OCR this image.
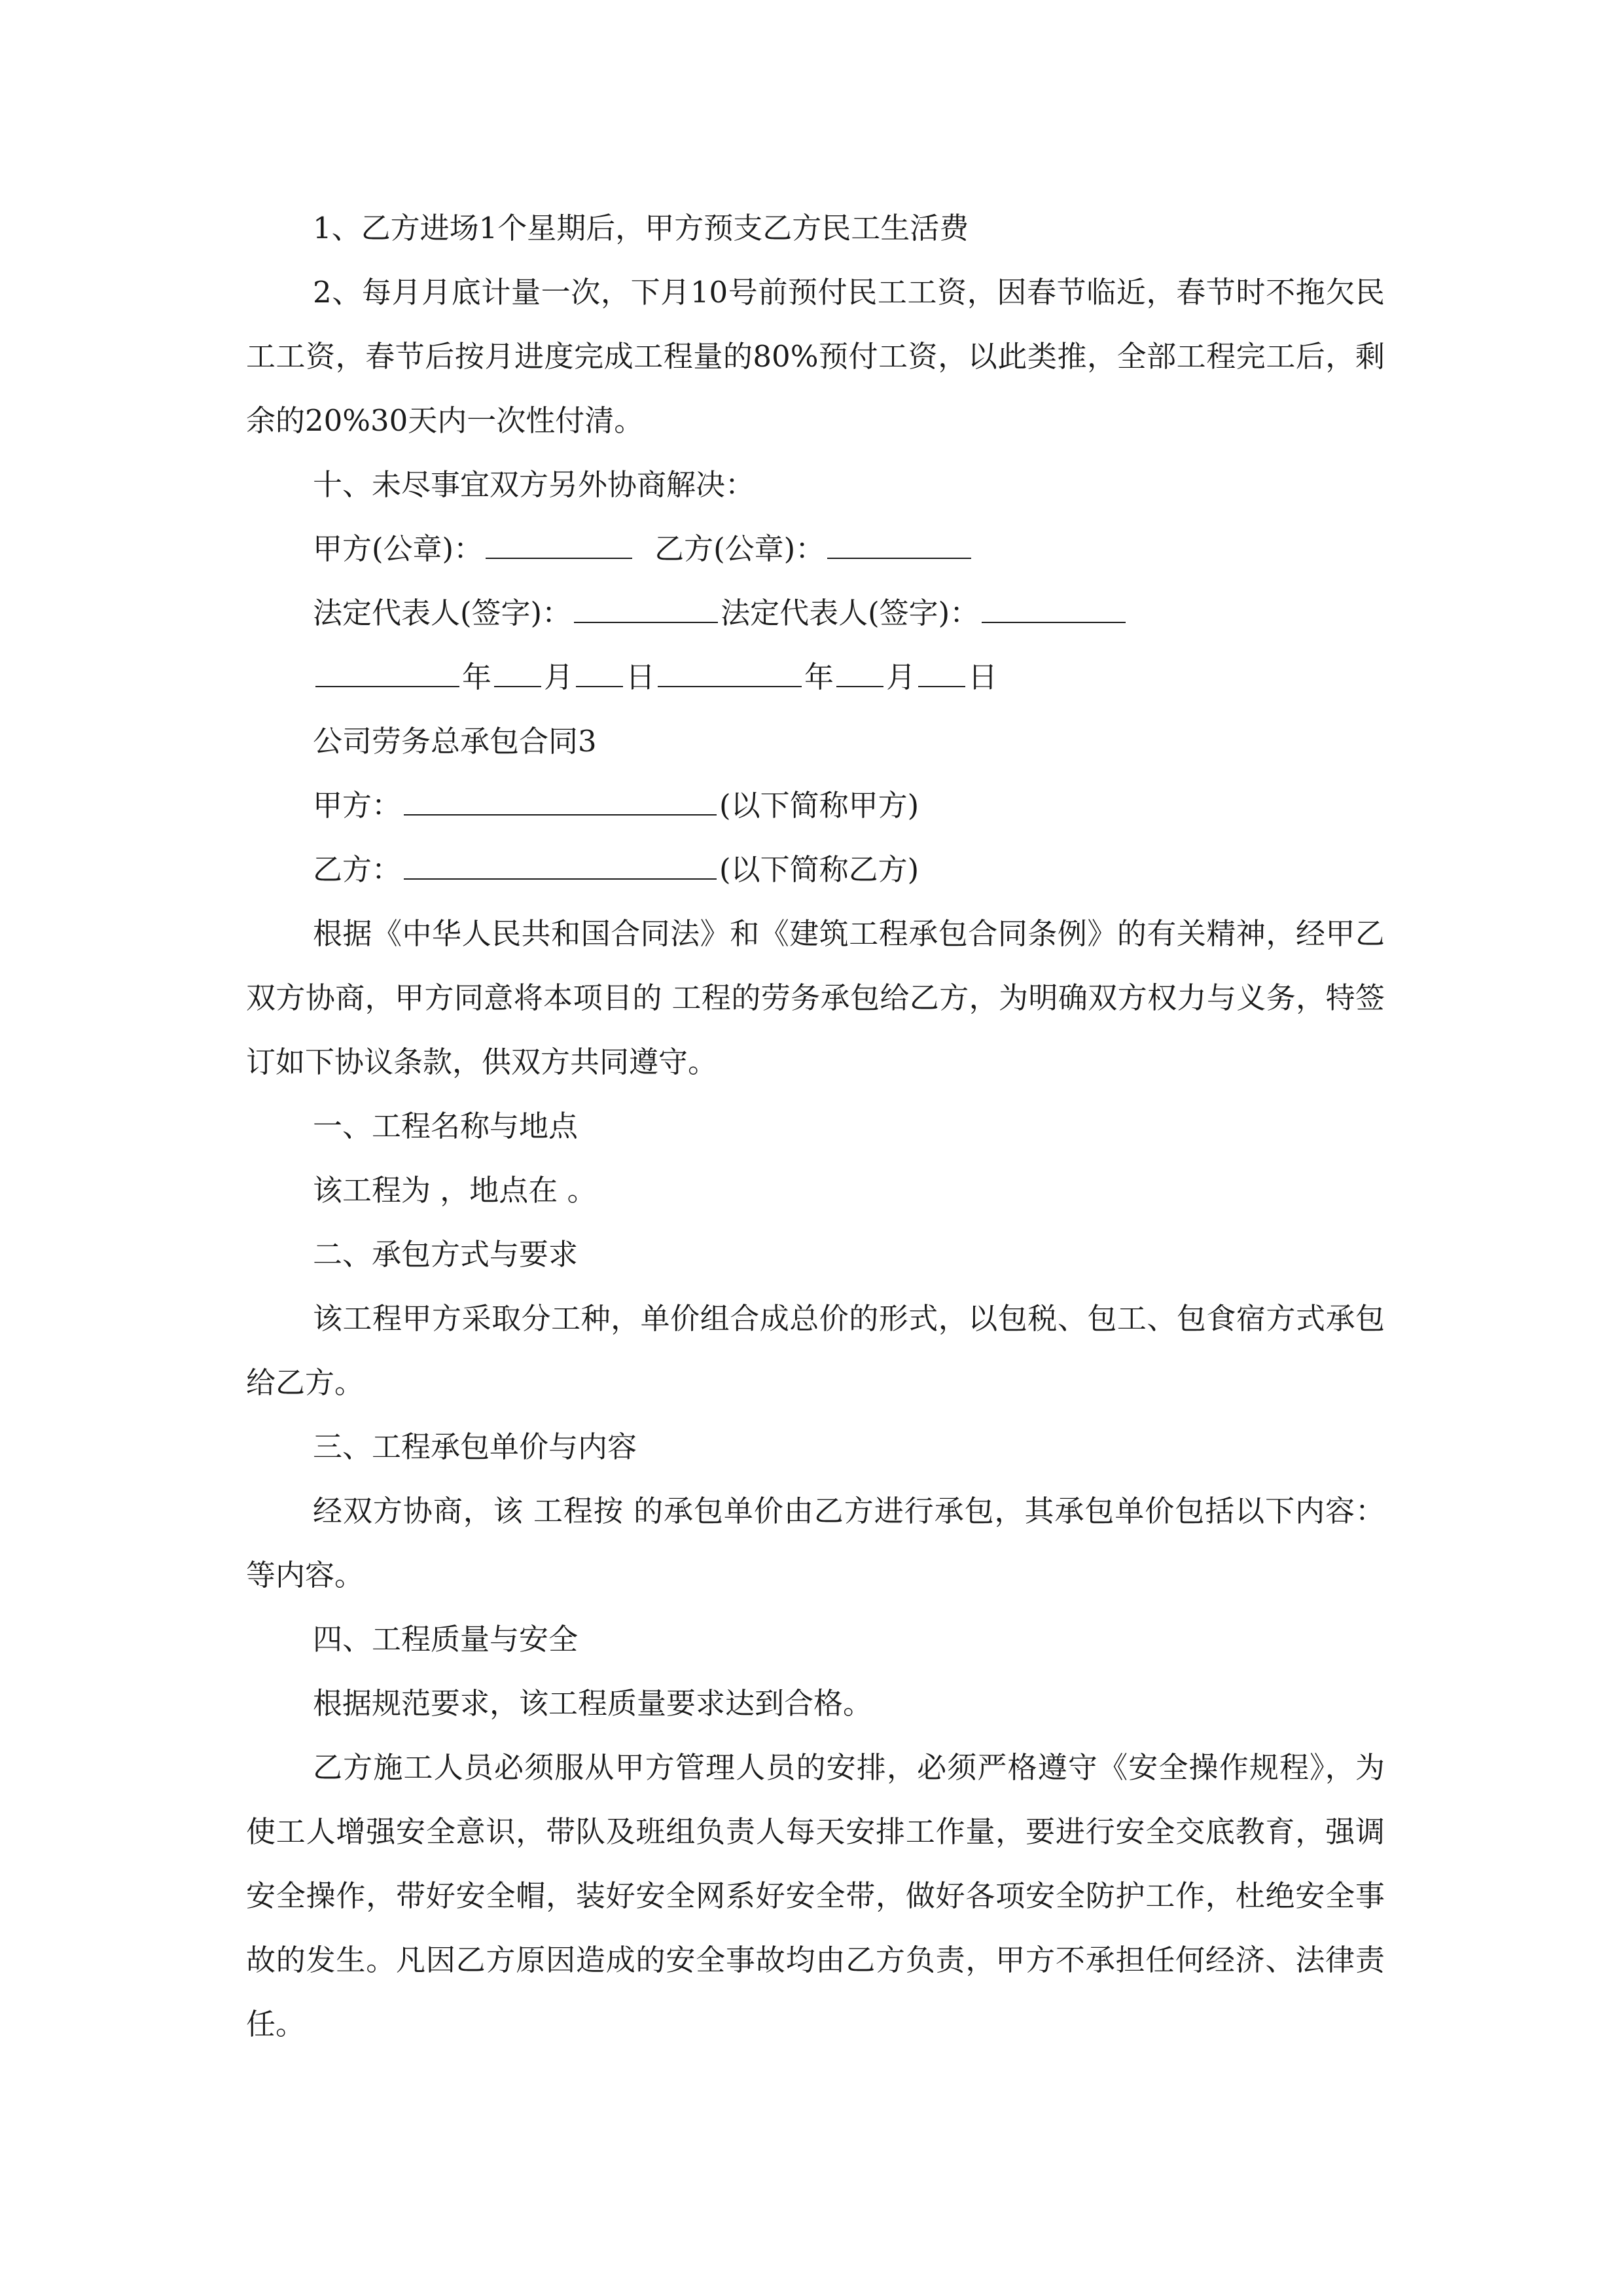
1、乙方进场1个星期后，甲方预支乙方民工生活费

2、每月月底计量一次，下月10号前预付民工工资，因春节临近，春节时不拖欠民工工资，春节后按月进度完成工程量的80%预付工资，以此类推，全部工程完工后，剩余的20%30天内一次性付清。

十、未尽事宜双方另外协商解决：

甲方(公章)：	乙方(公章)：

法定代表人(签字)：	法定代表人(签字)：

年 月 日	年 月 日

公司劳务总承包合同3

甲方：	(以下简称甲方)

乙方：	(以下简称乙方)

根据《中华人民共和国合同法》和《建筑工程承包合同条例》的有关精神，经甲乙双方协商，甲方同意将本项目的 工程的劳务承包给乙方，为明确双方权力与义务，特签订如下协议条款，供双方共同遵守。

一、工程名称与地点

该工程为 ，地点在 。

二、承包方式与要求

该工程甲方采取分工种，单价组合成总价的形式，以包税、包工、包食宿方式承包给乙方。

三、工程承包单价与内容

经双方协商，该 工程按 的承包单价由乙方进行承包，其承包单价包括以下内容： 等内容。

四、工程质量与安全

根据规范要求，该工程质量要求达到合格。

乙方施工人员必须服从甲方管理人员的安排，必须严格遵守《安全操作规程》，为使工人增强安全意识，带队及班组负责人每天安排工作量，要进行安全交底教育，强调安全操作，带好安全帽，装好安全网系好安全带，做好各项安全防护工作，杜绝安全事故的发生。凡因乙方原因造成的安全事故均由乙方负责，甲方不承担任何经济、法律责任。
